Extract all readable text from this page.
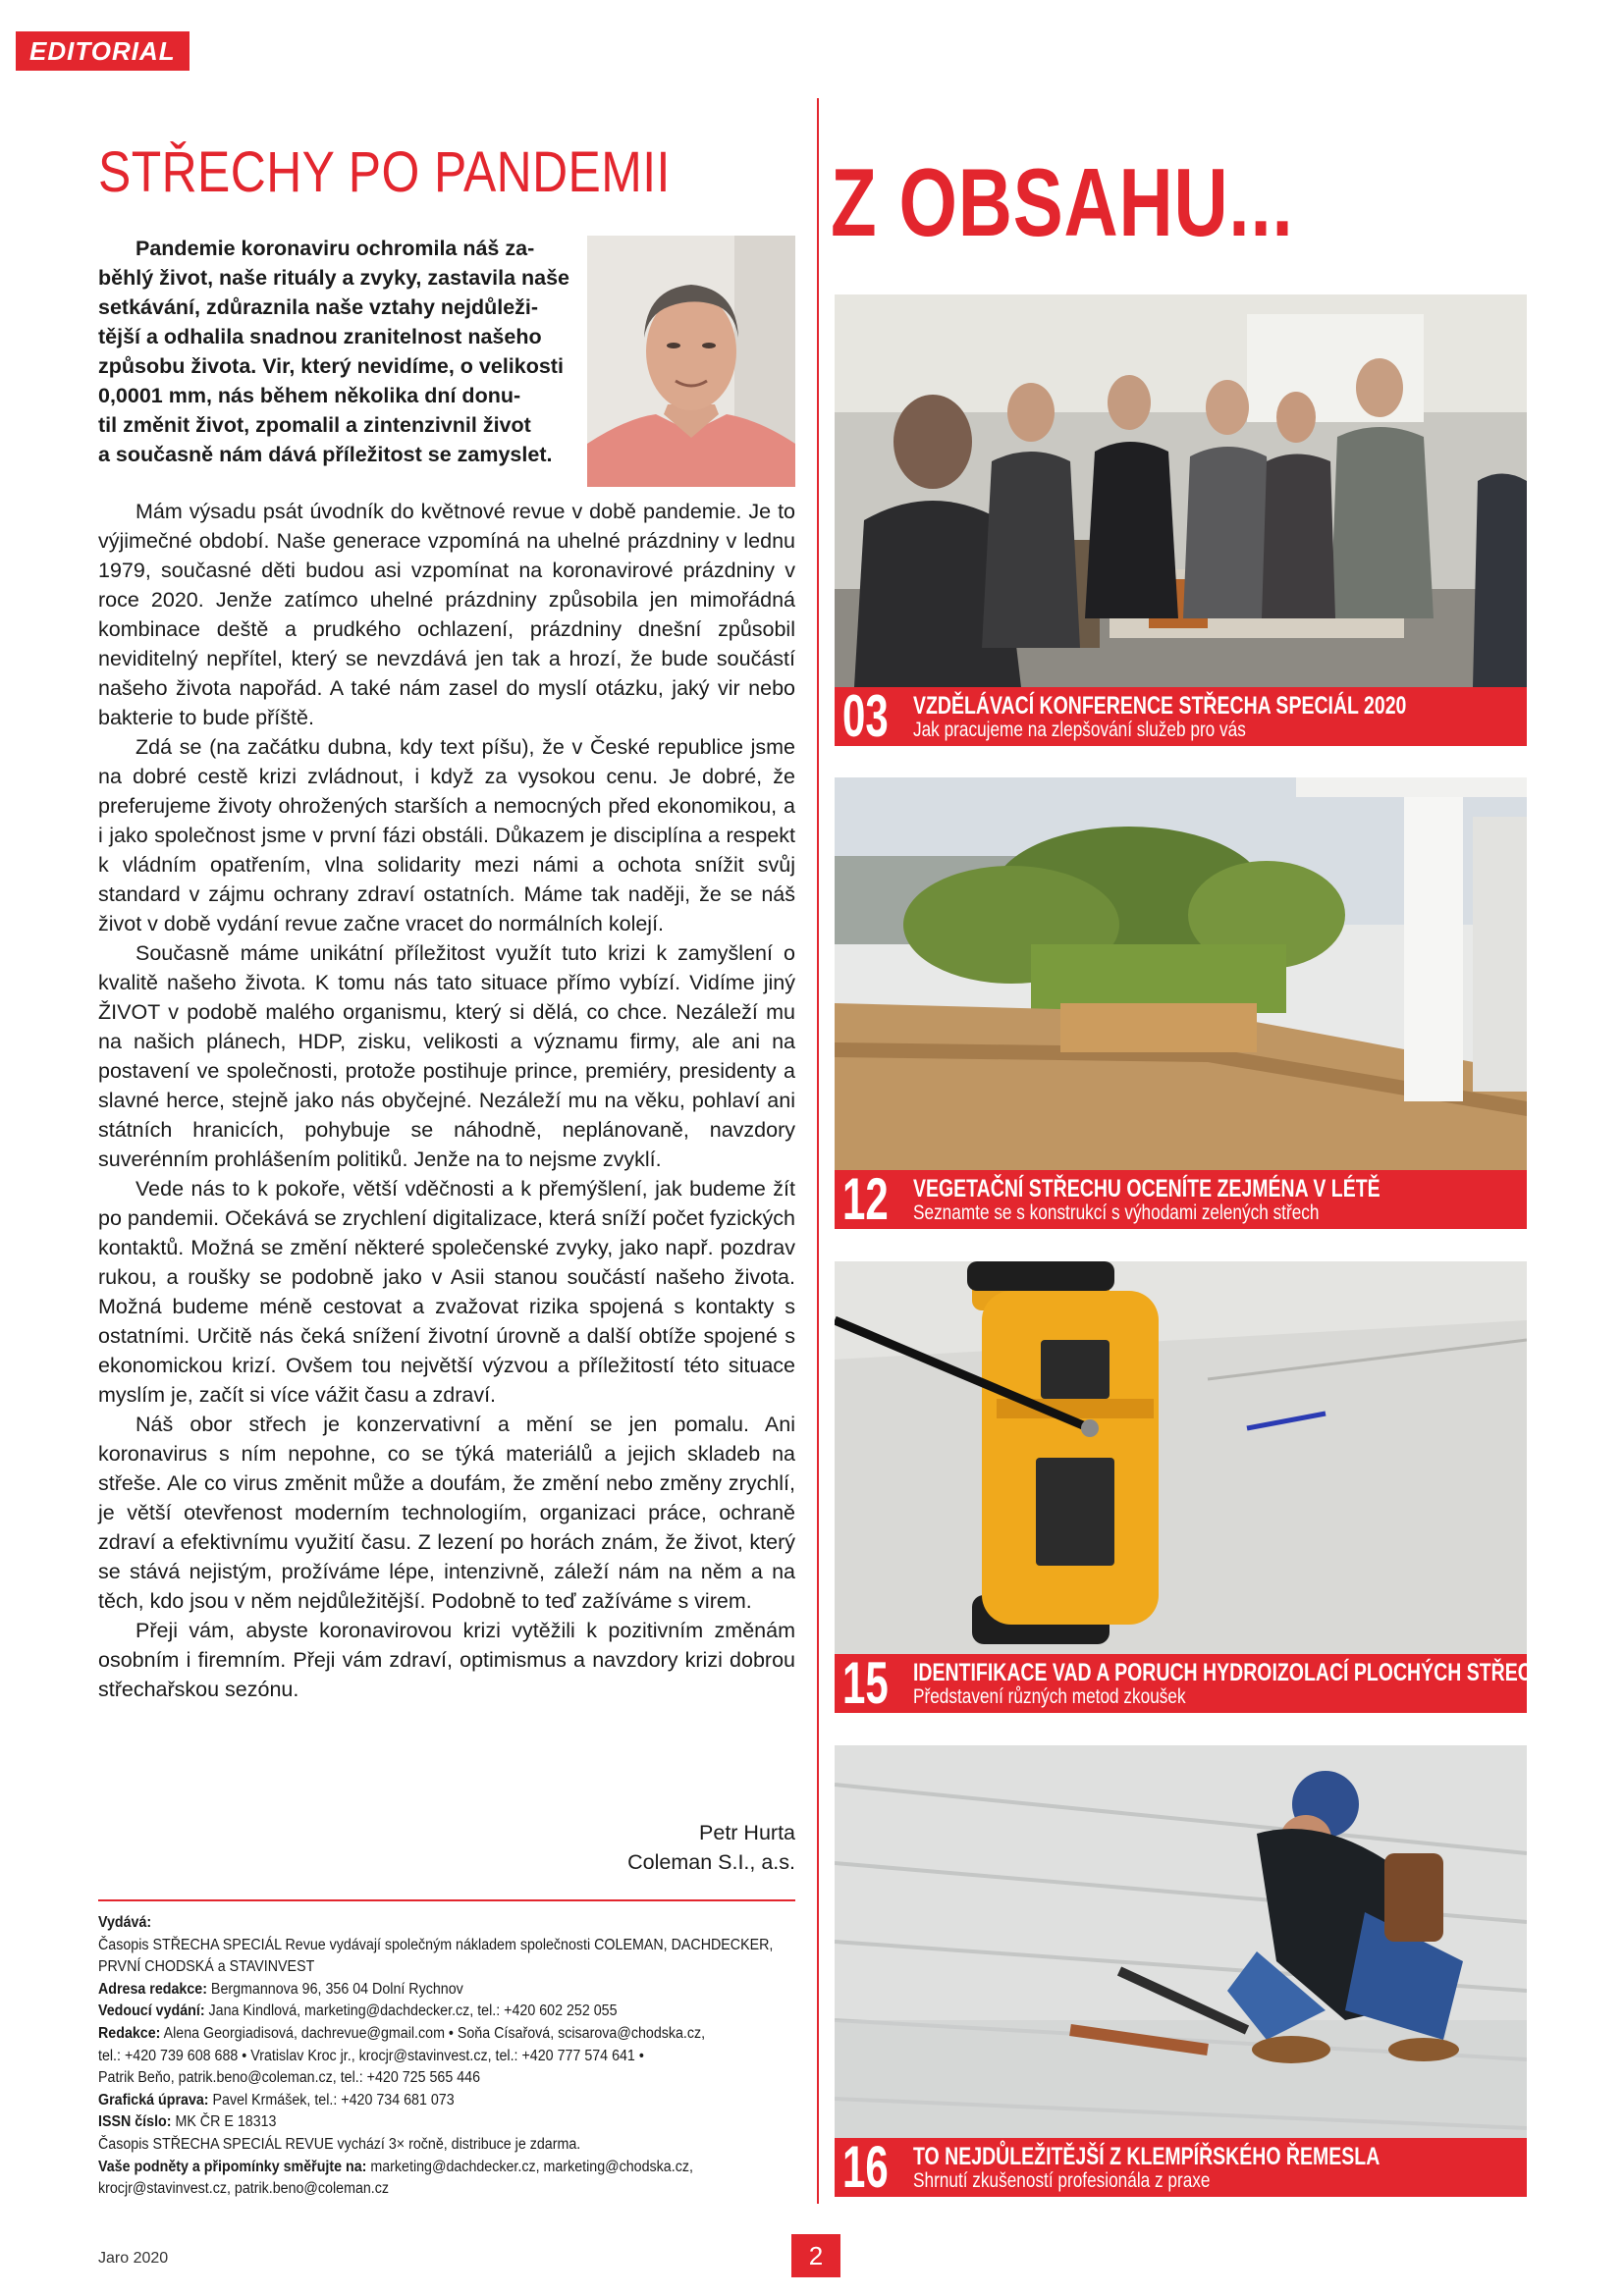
EDITORIAL
STŘECHY PO PANDEMII
Pandemie koronaviru ochromila náš za-
běhlý život, naše rituály a zvyky, zastavila naše
setkávání, zdůraznila naše vztahy nejdůleži-
tější a odhalila snadnou zranitelnost našeho
způsobu života. Vir, který nevidíme, o velikosti
0,0001 mm, nás během několika dní donu-
til změnit život, zpomalil a zintenzivnil život
a současně nám dává příležitost se zamyslet.

Mám výsadu psát úvodník do květnové revue v době pandemie. Je to výjimečné období. Naše generace vzpomíná na uhelné prázdniny v lednu 1979, současné děti budou asi vzpomínat na koronavirové prázdniny v roce 2020. Jenže zatímco uhelné prázdniny způsobila jen mimořádná kombinace deště a prudkého ochlazení, prázdniny dnešní způsobil neviditelný nepřítel, který se nevzdává jen tak a hrozí, že bude součástí našeho života napořád. A také nám zasel do myslí otázku, jaký vir nebo bakterie to bude příště.

Zdá se (na začátku dubna, kdy text píšu), že v České republice jsme na dobré cestě krizi zvládnout, i když za vysokou cenu. Je dobré, že preferujeme životy ohrožených starších a nemocných před ekonomikou, a i jako společnost jsme v první fázi obstáli. Důkazem je disciplína a respekt k vládním opatřením, vlna solidarity mezi námi a ochota snížit svůj standard v zájmu ochrany zdraví ostatních. Máme tak naději, že se náš život v době vydání revue začne vracet do normálních kolejí.

Současně máme unikátní příležitost využít tuto krizi k zamyšlení o kvalitě našeho života. K tomu nás tato situace přímo vybízí. Vidíme jiný ŽIVOT v podobě malého organismu, který si dělá, co chce. Nezáleží mu na našich plánech, HDP, zisku, velikosti a významu firmy, ale ani na postavení ve společnosti, protože postihuje prince, premiéry, presidenty a slavné herce, stejně jako nás obyčejné. Nezáleží mu na věku, pohlaví ani státních hranicích, pohybuje se náhodně, neplánovaně, navzdory suverénním prohlášením politiků. Jenže na to nejsme zvyklí.

Vede nás to k pokoře, větší vděčnosti a k přemýšlení, jak budeme žít po pandemii. Očekává se zrychlení digitalizace, která sníží počet fyzických kontaktů. Možná se změní některé společenské zvyky, jako např. pozdrav rukou, a roušky se podobně jako v Asii stanou součástí našeho života. Možná budeme méně cestovat a zvažovat rizika spojená s kontakty s ostatními. Určitě nás čeká snížení životní úrovně a další obtíže spojené s ekonomickou krizí. Ovšem tou největší výzvou a příležitostí této situace myslím je, začít si více vážit času a zdraví.

Náš obor střech je konzervativní a mění se jen pomalu. Ani koronavirus s ním nepohne, co se týká materiálů a jejich skladeb na střeše. Ale co virus změnit může a doufám, že změní nebo změny zrychlí, je větší otevřenost moderním technologiím, organizaci práce, ochraně zdraví a efektivnímu využití času. Z lezení po horách znám, že život, který se stává nejistým, prožíváme lépe, intenzivně, záleží nám na něm a na těch, kdo jsou v něm nejdůležitější. Podobně to teď zažíváme s virem.

Přeji vám, abyste koronavirovou krizi vytěžili k pozitivním změnám osobním i firemním. Přeji vám zdraví, optimismus a navzdory krizi dobrou střechařskou sezónu.

Petr Hurta
Coleman S.I., a.s.
Vydává:
Časopis STŘECHA SPECIÁL Revue vydávají společným nákladem společnosti COLEMAN, DACHDECKER,
PRVNÍ CHODSKÁ a STAVINVEST
Adresa redakce: Bergmannova 96, 356 04 Dolní Rychnov
Vedoucí vydání: Jana Kindlová, marketing@dachdecker.cz, tel.: +420 602 252 055
Redakce: Alena Georgiadisová, dachrevue@gmail.com • Soňa Císařová, scisarova@chodska.cz,
tel.: +420 739 608 688 • Vratislav Kroc jr., krocjr@stavinvest.cz, tel.: +420 777 574 641 •
Patrik Beňo, patrik.beno@coleman.cz, tel.: +420 725 565 446
Grafická úprava: Pavel Krmášek, tel.: +420 734 681 073
ISSN číslo: MK ČR E 18313
Časopis STŘECHA SPECIÁL REVUE vychází 3× ročně, distribuce je zdarma.
Vaše podněty a připomínky směřujte na: marketing@dachdecker.cz, marketing@chodska.cz,
krocjr@stavinvest.cz, patrik.beno@coleman.cz
Jaro 2020	2
Z OBSAHU...
03 VZDĚLÁVACÍ KONFERENCE STŘECHA SPECIÁL 2020
Jak pracujeme na zlepšování služeb pro vás
12 VEGETAČNÍ STŘECHU OCENÍTE ZEJMÉNA V LÉTĚ
Seznamte se s konstrukcí s výhodami zelených střech
15 IDENTIFIKACE VAD A PORUCH HYDROIZOLACÍ PLOCHÝCH STŘECH
Představení různých metod zkoušek
16 TO NEJDŮLEŽITĚJŠÍ Z KLEMPÍŘSKÉHO ŘEMESLA
Shrnutí zkušeností profesionála z praxe
